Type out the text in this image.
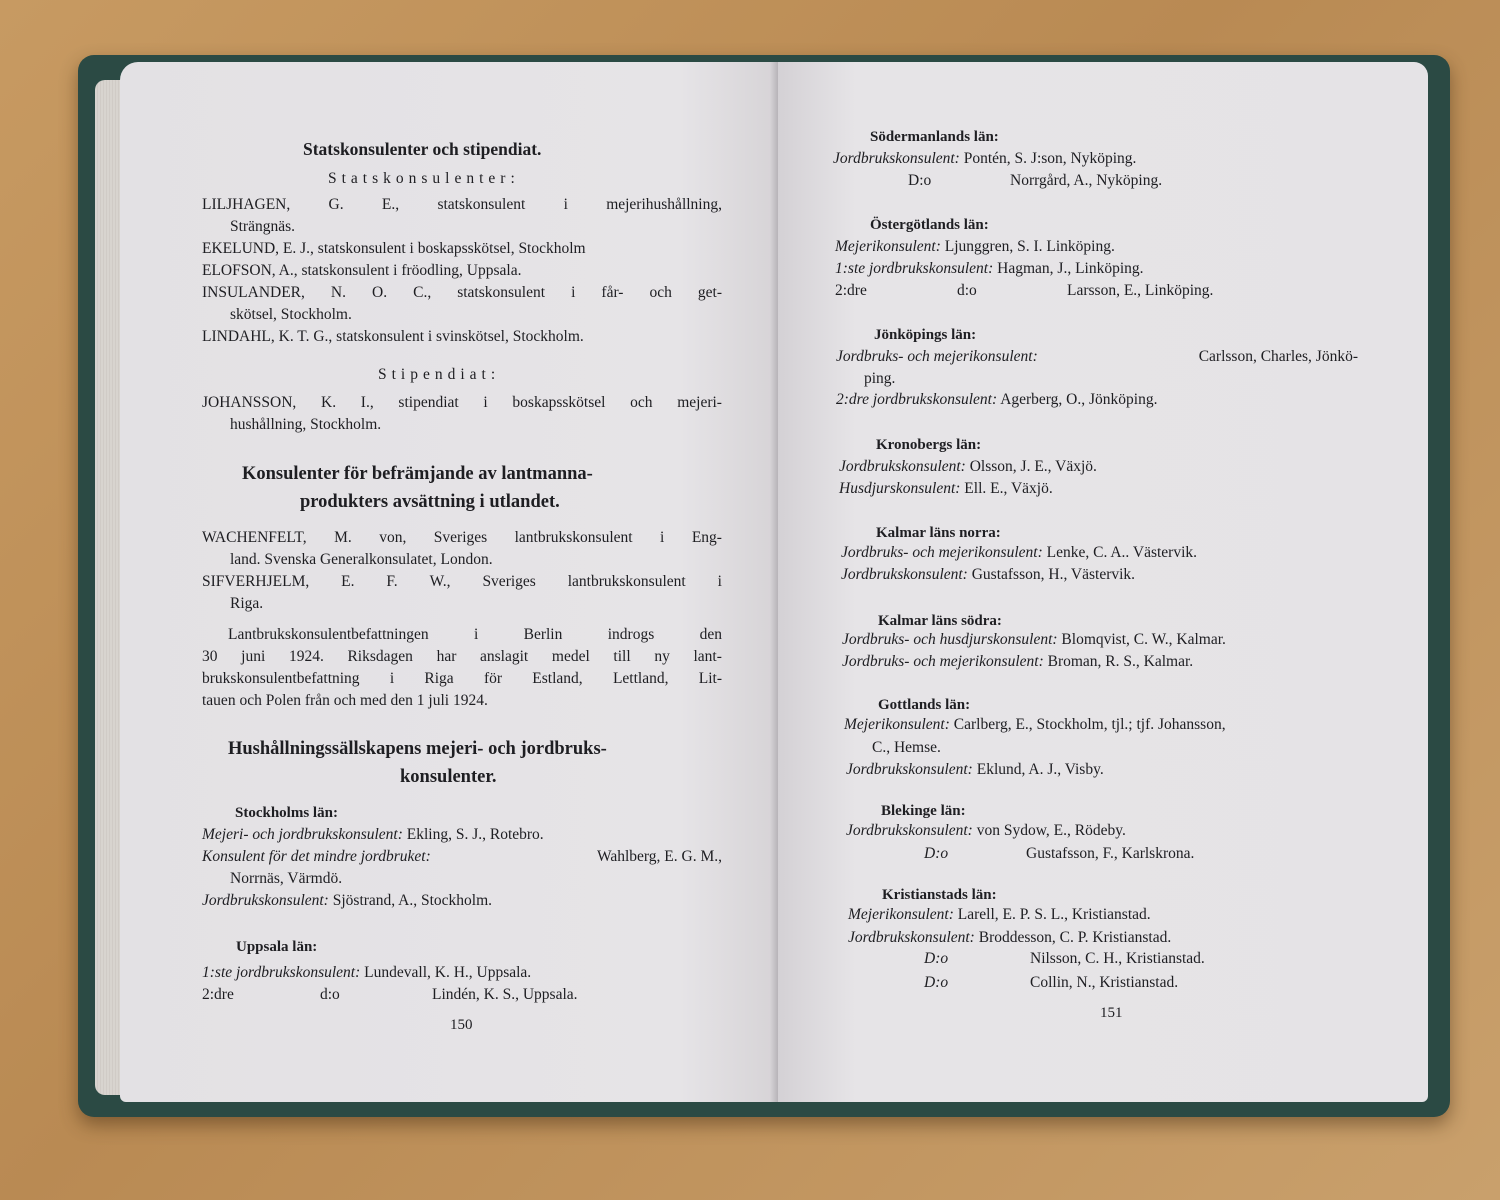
Statskonsulenter och stipendiat.
Statskonsulenter:
LILJHAGEN, G. E., statskonsulent i mejerihushållning,
Strängnäs.
EKELUND, E. J., statskonsulent i boskapsskötsel, Stockholm
ELOFSON, A., statskonsulent i fröodling, Uppsala.
INSULANDER, N. O. C., statskonsulent i får- och get-
skötsel, Stockholm.
LINDAHL, K. T. G., statskonsulent i svinskötsel, Stockholm.
Stipendiat:
JOHANSSON, K. I., stipendiat i boskapsskötsel och mejeri-
hushållning, Stockholm.
Konsulenter för befrämjande av lantmanna-
produkters avsättning i utlandet.
WACHENFELT, M. von, Sveriges lantbrukskonsulent i Eng-
land. Svenska Generalkonsulatet, London.
SIFVERHJELM, E. F. W., Sveriges lantbrukskonsulent i
Riga.
Lantbrukskonsulentbefattningen	i	Berlin	indrogs	den
30 juni 1924. Riksdagen har anslagit medel till ny lant-
brukskonsulentbefattning i Riga för Estland, Lettland, Lit-
tauen och Polen från och med den 1 juli 1924.
Hushållningssällskapens mejeri- och jordbruks-
konsulenter.
Stockholms län:
Mejeri- och jordbrukskonsulent: Ekling, S. J., Rotebro.
Konsulent för det mindre jordbruket:	Wahlberg, E. G. M.,
Norrnäs, Värmdö.
Jordbrukskonsulent: Sjöstrand, A., Stockholm.
Uppsala län:
1:ste jordbrukskonsulent: Lundevall, K. H., Uppsala.
2:dre	d:o	Lindén, K. S., Uppsala.
150
Södermanlands län:
Jordbrukskonsulent: Pontén, S. J:son, Nyköping.
D:o	Norrgård, A., Nyköping.
Östergötlands län:
Mejerikonsulent: Ljunggren, S. I. Linköping.
1:ste jordbrukskonsulent: Hagman, J., Linköping.
2:dre	d:o	Larsson, E., Linköping.
Jönköpings län:
Jordbruks- och mejerikonsulent:	Carlsson, Charles, Jönkö-
ping.
2:dre jordbrukskonsulent: Agerberg, O., Jönköping.
Kronobergs län:
Jordbrukskonsulent: Olsson, J. E., Växjö.
Husdjurskonsulent: Ell. E., Växjö.
Kalmar läns norra:
Jordbruks- och mejerikonsulent: Lenke, C. A.. Västervik.
Jordbrukskonsulent: Gustafsson, H., Västervik.
Kalmar läns södra:
Jordbruks- och husdjurskonsulent: Blomqvist, C. W., Kalmar.
Jordbruks- och mejerikonsulent: Broman, R. S., Kalmar.
Gottlands län:
Mejerikonsulent: Carlberg, E., Stockholm, tjl.; tjf. Johansson,
C., Hemse.
Jordbrukskonsulent: Eklund, A. J., Visby.
Blekinge län:
Jordbrukskonsulent: von Sydow, E., Rödeby.
D:o	Gustafsson, F., Karlskrona.
Kristianstads län:
Mejerikonsulent: Larell, E. P. S. L., Kristianstad.
Jordbrukskonsulent: Broddesson, C. P. Kristianstad.
D:o	Nilsson, C. H., Kristianstad.
D:o	Collin, N., Kristianstad.
151
